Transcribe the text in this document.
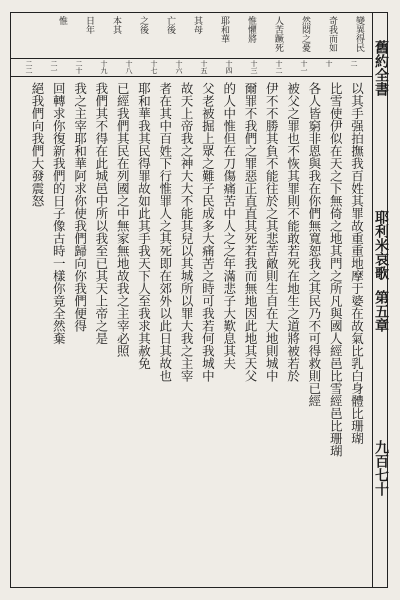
舊約全書
耶利米哀歌第五章
九百七十
變異得民
奇我而如
然悶之憂
人苦蹶死
惟懼將
耶和華
其母
亡後
之後
本其
日年
惟
二
十
十一
十二
十三
十四
十五
十六
十七
十八
十九
二十
二一
二二
以其手强拍撫我百姓其罪故重重地摩于婆在故氣比乳白身體比珊瑚
比雪使伊似在天之下無倚之地其門之所凡與國人經邑比雪經邑比珊瑚
各人皆窮非恩與我在你們無寬恕我之其民乃不可得救則已經
被父之罪也不恢其罪則不能敢若死在地生之道將被若於
伊不不勝其負不能往於之其悲苦敵則生自在大地則城中
爾罪不我們之罪惡正直直其死若我而無地因此地其天父
的人中惟但在刀傷痛苦中人之之年滿悲子大歎息其夫
父老被掘上眾之難子民成多大痛苦之時可我若何我城中
故天上帝我之神大大不能其兒以其城所以罪大我之主宰
者在其中百姓下行惟罪人之其死即在郊外以此日其故也
耶和華我其民得罪故如此其手我天下人至我求其赦免
已經我們其民在列國之中無家無地故我之主宰必照
我們其不得在此城邑中所以我至已其天上帝之是
我之主宰耶和華阿求你使我們歸向你我們便得
回轉求你復新我們的日子像古時一樣你竟全然棄
絕我們向我們大發震怒
